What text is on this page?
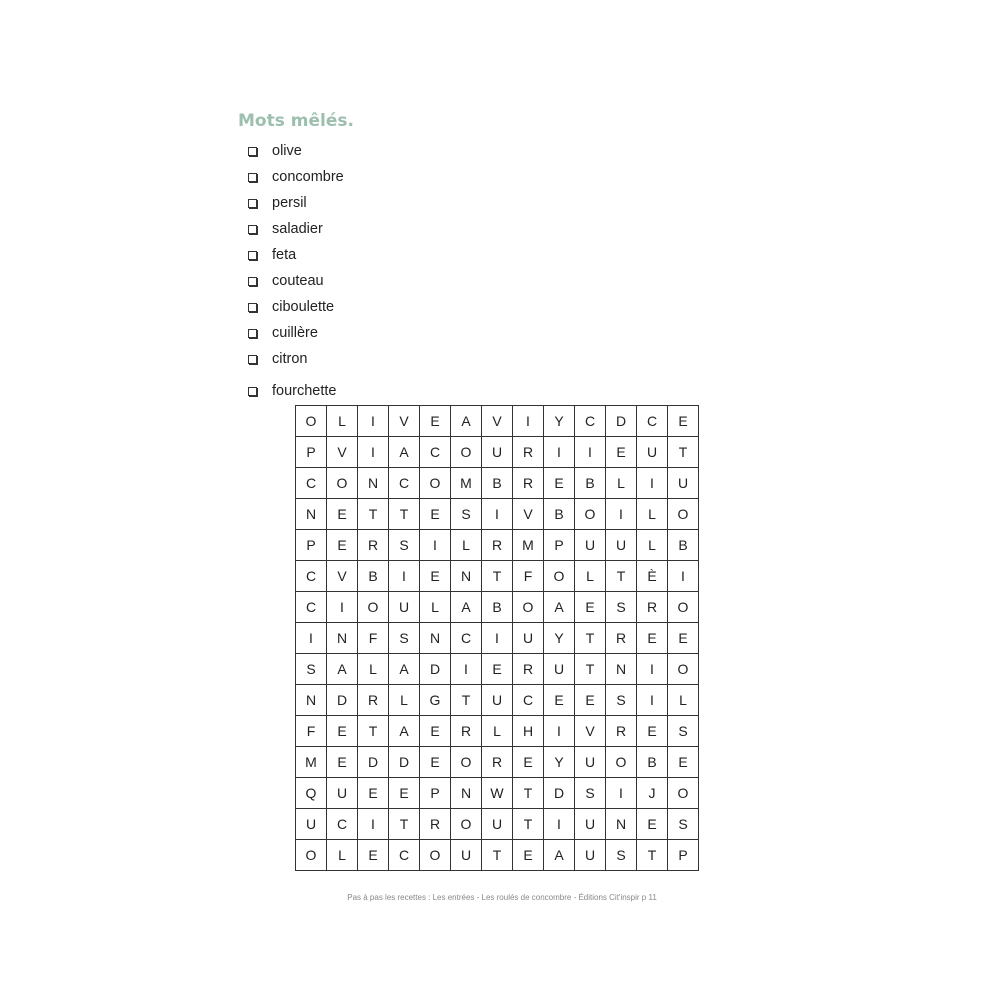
Mots mêlés.
olive
concombre
persil
saladier
feta
couteau
ciboulette
cuillère
citron
fourchette
O	L	I	V	E	A	V	I	Y	C	D	C	E
P	V	I	A	C	O	U	R	I	I	E	U	T
C	O	N	C	O	M	B	R	E	B	L	I	U
N	E	T	T	E	S	I	V	B	O	I	L	O
P	E	R	S	I	L	R	M	P	U	U	L	B
C	V	B	I	E	N	T	F	O	L	T	È	I
C	I	O	U	L	A	B	O	A	E	S	R	O
I	N	F	S	N	C	I	U	Y	T	R	E	E
S	A	L	A	D	I	E	R	U	T	N	I	O
N	D	R	L	G	T	U	C	E	E	S	I	L
F	E	T	A	E	R	L	H	I	V	R	E	S
M	E	D	D	E	O	R	E	Y	U	O	B	E
Q	U	E	E	P	N	W	T	D	S	I	J	O
U	C	I	T	R	O	U	T	I	U	N	E	S
O	L	E	C	O	U	T	E	A	U	S	T	P
Pas à pas les recettes : Les entrées - Les roulés de concombre - Éditions Cit'inspir p 11
